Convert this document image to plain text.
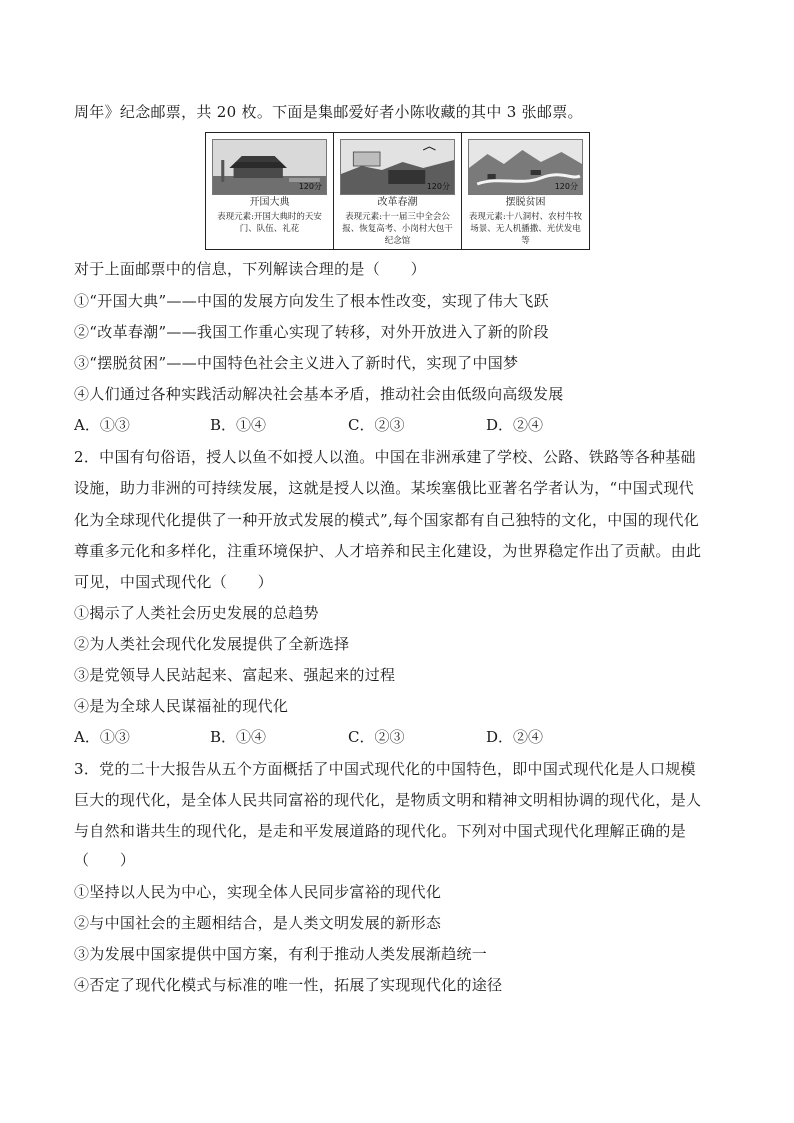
周年》纪念邮票，共 20 枚。下面是集邮爱好者小陈收藏的其中 3 张邮票。
120分
开国大典
表现元素:开国大典时的天安门、队伍、礼花
120分
改革春潮
表现元素:十一届三中全会公报、恢复高考、小岗村大包干纪念馆
120分
摆脱贫困
表现元素:十八洞村、农村牛牧场景、无人机播撒、光伏发电等
对于上面邮票中的信息，下列解读合理的是（　　）
①“开国大典”——中国的发展方向发生了根本性改变，实现了伟大飞跃
②“改革春潮”——我国工作重心实现了转移，对外开放进入了新的阶段
③“摆脱贫困”——中国特色社会主义进入了新时代，实现了中国梦
④人们通过各种实践活动解决社会基本矛盾，推动社会由低级向高级发展
A．①③	B．①④	C．②③	D．②④
2．中国有句俗语，授人以鱼不如授人以渔。中国在非洲承建了学校、公路、铁路等各种基础
设施，助力非洲的可持续发展，这就是授人以渔。某埃塞俄比亚著名学者认为，“中国式现代
化为全球现代化提供了一种开放式发展的模式”,每个国家都有自己独特的文化，中国的现代化
尊重多元化和多样化，注重环境保护、人才培养和民主化建设，为世界稳定作出了贡献。由此
可见，中国式现代化（　　）
①揭示了人类社会历史发展的总趋势
②为人类社会现代化发展提供了全新选择
③是党领导人民站起来、富起来、强起来的过程
④是为全球人民谋福祉的现代化
A．①③	B．①④	C．②③	D．②④
3．党的二十大报告从五个方面概括了中国式现代化的中国特色，即中国式现代化是人口规模
巨大的现代化，是全体人民共同富裕的现代化，是物质文明和精神文明相协调的现代化，是人
与自然和谐共生的现代化，是走和平发展道路的现代化。下列对中国式现代化理解正确的是
（　　）
①坚持以人民为中心，实现全体人民同步富裕的现代化
②与中国社会的主题相结合，是人类文明发展的新形态
③为发展中国家提供中国方案，有利于推动人类发展渐趋统一
④否定了现代化模式与标准的唯一性，拓展了实现现代化的途径
